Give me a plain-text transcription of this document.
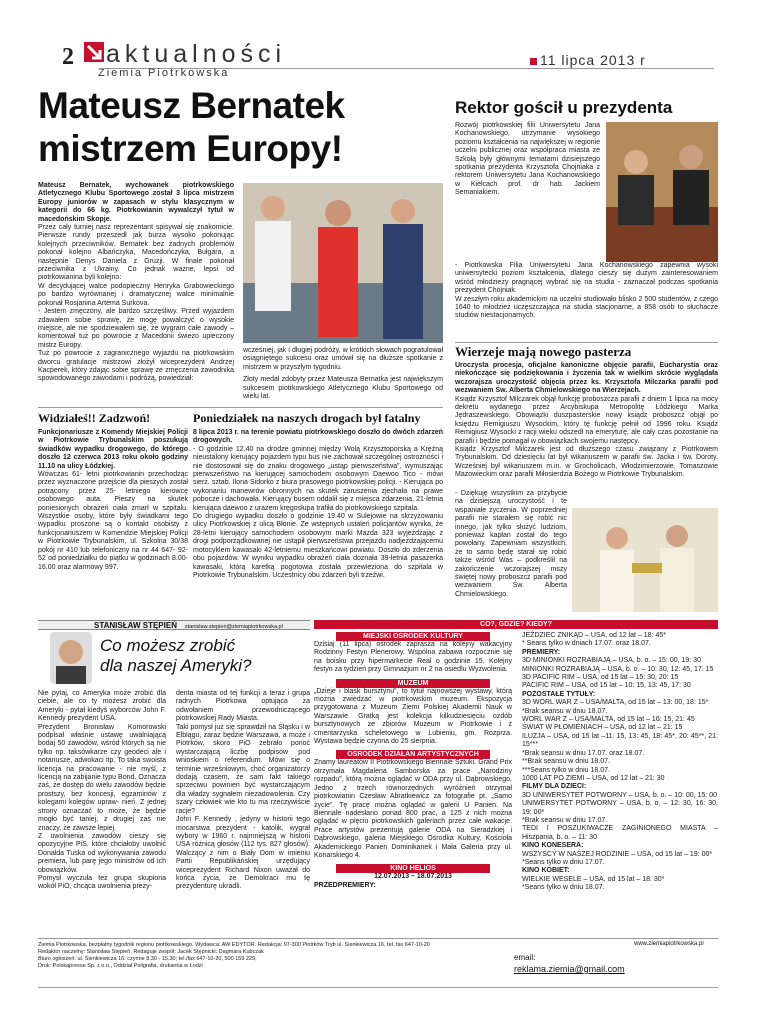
2 aktualności
Ziemia Piotrkowska
11 lipca 2013 r
Mateusz Bernatek
mistrzem Europy!

Mateusz Bernatek, wychowanek piotrkowskiego Atletycznego Klubu Sportowego został 3 lipca mistrzem Europy juniorów w zapasach w stylu klasycznym w kategorii do 66 kg. Piotrkowianin wywalczył tytuł w macedońskim Skopje.

Przez cały turniej nasz reprezentant spisywał się znakomicie. Pierwsze rundy przeszedł jak burza wysoko pokonując kolejnych przeciwników. Bernatek bez żadnych problemów pokonał kolejno Albańczyka, Macedończyka, Bułgara, a następnie Denys Daniela z Gruzji. W finale pokonał przeciwnika z Ukrainy. Co jednak ważne, lepsi od piotrkowianina byli kolejno:

W decydującej walce podopieczny Henryka Grabowieckiego po bardzo wyrównanej i dramatycznej walce minimalnie pokonał Rosjanina Artema Surkova.

- Jestem zmęczony, ale bardzo szczęśliwy. Przed wyjazdem zdawałem sobie sprawę, że mogę powalczyć o wysokie miejsce, ale nie spodziewałem się, że wygram całe zawody – komentował tuż po powrocie z Macedonii świeżo upieczony mistrz Europy.

Tuż po powrocie z zagranicznego wyjazdu na piotrkowskim dworcu gratulacje mistrzowi złożył wiceprezydent Andrzej Kacperek, który zdając sobie sprawę ze zmęczenia zawodnika spowodowanego zawodami i podróżą, powiedział:

wcześniej, jak i długiej podróży, w krótkich słowach pogratulował osiągniętego sukcesu oraz umówił się na dłuższe spotkanie z mistrzem w przyszłym tygodniu.

Złoty medal zdobyty przez Mateusza Bernatka jest największym sukcesem piotrkowskiego Atletycznego Klubu Sportowego od wielu lat.

Rektor gościł u prezydenta
Rozwój piotrkowskiej filii Uniwersytetu Jana Kochanowskiego, utrzymanie wysokiego poziomu kształcenia na największej w regionie uczelni publicznej oraz współpraca miasta ze Szkołą były głównymi tematami dzisiejszego spotkania prezydenta Krzysztofa Chojniaka z rektorem Uniwersytetu Jana Kochanowskiego w Kielcach prof. dr hab. Jackiem Semaniakiem.

- Piotrkowska Filia Uniwersytetu Jana Kochanowskiego zapewnia wysoki uniwersytecki poziom kształcenia, dlatego cieszy się dużym zainteresowaniem wśród młodzieży pragnącej wybrać się na studia - zaznaczał podczas spotkania prezydent Chojniak.

W zeszłym roku akademickim na uczelni studiowało blisko 2 500 studentów, z czego 1640 to młodzież uczęszczająca na studia stacjonarne, a 858 osób to słuchacze studiów niestacjonarnych.

Wierzeje mają nowego pasterza

Uroczysta procesja, oficjalne kanoniczne objęcie parafii, Eucharystia oraz niekończące się podziękowania i życzenia tak w wielkim skrócie wyglądała wczorajsza uroczystość objęcia przez ks. Krzysztofa Milczarka parafii pod wezwaniem Św. Alberta Chmielowskiego na Wierzejach.

Ksiądz Krzysztof Milczarek objął funkcję proboszcza parafii z dniem 1 lipca na mocy dekretu wydanego przez Arcybiskupa Metropolitę Łódzkiego Marka Jędraszewskiego. Obowiązki duszpasterskie nowy ksiądz proboszcz objął po księdzu Remigiuszu Wysockim, który tę funkcję pełnił od 1996 roku. Ksiądz Remigiusz Wysocki z racji wieku odszedł na emeryturę, ale cały czas pozostanie na parafii i będzie pomagał w obowiązkach swojemu następcy.

Ksiądz Krzysztof Milczarek jest od dłuższego czasu związany z Piotrkowem Trybunalskim. Od dziesięciu lat był wikariuszem w parafii św. Jacka i św. Doroty. Wcześniej był wikariuszem m.in. w Grocholicach, Włodzimierzowie, Tomaszowie Mazowieckim oraz parafii Miłosierdzia Bożego w Piotrkowie Trybunalskim.

- Dziękuję wszystkim za przybycie na dzisiejszą uroczystość i te wspaniałe życzenia. W poprzedniej parafii nie starałem się robić nic innego, jak tylko służyć ludziom, ponieważ kapłan został do tego powołany. Zapewniam wszystkich, że to samo będę starał się robić także wśród Was – podkreślił na zakończenie wczorajszej mszy świętej nowy proboszcz parafii pod wezwaniem Św. Alberta Chmielowskiego.
Widziałeś!! Zadzwoń!

Funkcjonariusze z Komendy Miejskiej Policji w Piotrkowie Trybunalskim poszukują świadków wypadku drogowego, do którego doszło 12 czerwca 2013 roku około godziny 11.10 na ulicy Łódzkiej.

Wówczas 61- letni piotrkowianin przechodząc przez wyznaczone przejście dla pieszych został potrącony przez 25- letniego kierowcę osobowego auta. Pieszy na skutek poniesionych obrażeń ciała zmarł w szpitalu. Wszystkie osoby, które były świadkami tego wypadku proszone są o kontakt osobisty z funkcjonariuszem w Komendzie Miejskiej Policji w Piotrkowie Trybunalskim, ul. Szkolna 30/38 pokój nr 410 lub telefoniczny na nr 44 647- 92- 52 od poniedziałku do piątku w godzinach 8.00- 16.00 oraz alarmowy 997.

Poniedziałek na naszych drogach był fatalny

8 lipca 2013 r. na terenie powiatu piotrkowskiego doszło do dwóch zdarzeń drogowych.

- O godzinie 12.40 na drodze gminnej między Wolą Krzysztoporską a Kręźną nieustalony kierujący pojazdem typu bus nie zachował szczególnej ostrożności i nie dostosował się do znaku drogowego „ustąp pierwszeństwa”, wymuszając pierwszeństwo na kierującej samochodem osobowym Daewoo Tico - mówi sierż. sztab. Ilona Sidorko z biura prasowego piotrkowskiej policji. - Kierująca po wykonaniu manewrów obronnych na skutek zaruszenia zjechała na prawe pobocze i dachowała. Kierujący busem oddalił się z miejsca zdarzenia. 21-letnia kierująca daewoo z urazem kręgosłupa trafiła do piotrkowskiego szpitala.

Do drugiego wypadku doszło o godzinie 19.40 w Sulejowie na skrzyżowaniu ulicy Piotrkowskiej z ulicą Błonie. Ze wstępnych ustaleń policjantów wynika, że 28-letni kierujący samochodem osobowym marki Mazda 323 wyjeżdżając z drogi podporządkowanej nie ustąpił pierwszeństwa przejazdu nadjeżdżającemu motocyklem kawasaki 42-letniemu mieszkańcowi powiatu. Doszło do zderzenia obu pojazdów. W wyniku wypadku obrażeń ciała doznała 39-letnia pasażerka kawasaki, którą karetką pogotowia została przewieziona do szpitala w Piotrkowie Trybunalskim. Uczestnicy obu zdarzeń byli trzeźwi.

STANISŁAW STĘPIEŃ stanislaw.stepien@ziemiapiotrkowska.pl
Co możesz zrobić
dla naszej Ameryki?

Nie pytaj, co Ameryka może zrobić dla ciebie, ale co ty możesz zrobić dla Ameryki - pytał kiedyś wyborców John F. Kennedy prezydent USA.

Prezydent Bronisław Komorowski podpisał właśnie ustawę uwalniającą bodaj 50 zawodów, wśród których są nie tylko np. taksówkarze czy geodeci ale i notariusze, adwokaci itp. To taka swoista licencja na pracowanie - nie myśl, z licencją na zabijanie typu Bond. Oznacza zaś, że dostęp do wielu zawodów będzie prostszy, bez koncesji, egzaminów z kolegami kolegów upraw- nień. Z jednej strony oznaczać to może, że będzie mogło być taniej, z drugiej zaś nie znaczy, że zawsze lepiej.

Z uwolnienia zawodów cieszy się opozycyjne PiS, które chciałoby uwolnić Donalda Tuska od wykonywania zawodu premiera, lub parę jego ministrów od ich obowiązków.

Pomysł wyczuła też grupa skupiona wokół PiO, chcąca uwolnienia prezy-

denta miasta od tej funkcji a teraz i grupa radnych Piotrkowa optująca za odwołaniem przewodniczącego piotrkowskiej Rady Miasta.

Taki pomysł już się sprawdził na Śląsku i w Elblągu, zaraz będzie Warszawa, a może i Piotrków, skoro PiO zebrało ponoć wystarczającą liczbę podpisów pod wnioskiem o referendum. Mówi się o terminie wrześniowym, choć organizatorzy dodają czasem, że sam fakt takiego sprzeciwu powinien być wystarczającym dla władzy sygnałem niezadowolenia. Czy szary człowiek wie kto tu ma rzeczywiście racje?

John F. Kennedy , jedyny w historii tego mocarstwa prezydent - katolik, wygrał wybory w 1960 r. najmniejszą w historii USA różnicą głosów (112 tys. 827 głosów). Walczący z nim o Biały Dom w imieniu Partii Republikańskiej urzędujący wiceprezydent Richard Nixon uważał do końca życia, że Demokraci mu tę prezydenturę ukradli.

CO?, GDZIE? KIEDY?
MIEJSKI OŚRODEK KULTURY

Dzisiaj (11 lipca) ośrodek zaprasza na kolejny wakacyjny Rodzinny Festyn Plenerowy. Wspólna zabawa rozpocznie się na boisku przy hipermarkecie Real o godzinie 15. Kolejny festyn za tydzień przy Gimnazjum nr 2 na osiedlu Wyzwolenia.

MUZEUM

„Dzieje i blask bursztynu”, to tytuł najnowszej wystawy, którą można zwiedzać w piotrkowskim muzeum. Ekspozycja przygotowana z Muzeum Ziemi Polskiej Akademii Nauk w Warszawie. Gratką jest kolekcja kilkudziesięciu ozdób bursztynowych ze zbiorów Muzeum w Piotrkowie i z cmentarzyska scheletowego w Lubieniu, gm. Rozprza. Wystawa będzie czynna do 25 sierpnia.

OŚRODEK DZIAŁAŃ ARTYSTYCZNYCH

Znamy laureatów II Piotrkowskiego Biennale Sztuki. Grand Prix otrzymała Magdalena Samborska za prace „Narodziny rozpadu”, którą można oglądać w ODA przy ul. Dąbrowskiego. Jedno z trzech równorzędnych wyróżnień otrzymał piotrkowianin Czesław Abratkiewicz za fotografie pt. „Samo życie”. Tę pracę można oglądać w galerii U Panien. Na Biennale nadesłano ponad 800 prac, a 125 z nich można oglądać w pięciu piotrkowskich galeriach przez całe wakacje. Prace artystów prezentują galerie ODA na Sieradzkiej i Dąbrowskiego, galeria Miejskiego Ośrodka Kultury, Kościoła Akademickiego Panien Dominikanek i Mała Galeria przy ul. Konarskiego 4.

KINO HELIOS

12.07.2013 – 18.07.2013

PRZEDPREMIERY:

JEŹDZIEC ZNIKĄD – USA, od 12 lat – 18: 45*
* Seans tylko w dniach 17.07. oraz 18.07.
PREMIERY:
3D MINIONKI ROZRABIAJĄ – USA, b. o. – 15: 00, 19: 30
MINIONKI ROZRABIAJĄ – USA, b. o. – 10: 30, 12: 45, 17: 15
3D PACIFIC RIM – USA, od 15 lat – 15: 30, 20: 15
PACIFIC RIM – USA, od 15 lat – 10: 15, 13: 45, 17: 30
POZOSTAŁE TYTUŁY:
3D WORL WAR Z – USA/MALTA, od 15 lat – 13: 00, 18: 15*
*Brak seansu w dniu 18.07.
WORL WAR Z – USA/MALTA, od 15 lat – 16: 15, 21: 45
ŚWIAT W PŁOMIENIACH – USA, od 12 lat – 21: 15
ILUZJA – USA, od 15 lat –11: 15, 13: 45, 18: 45*, 20: 45**, 21: 15***
*Brak seansu w dniu 17.07. oraz 18.07.
**Brak seansu w dniu 18.07.
***Seans tylko w dniu 18.07.
1000 LAT PO ZIEMI – USA, od 12 lat – 21: 30
FILMY DLA DZIECI:
3D UNIWERSYTET POTWORNY – USA, b. o. – 10: 00, 15: 00
UNIWERSYTET POTWORNY – USA, b. o. – 12: 30, 16: 30, 19: 00*
*Brak seansu w dniu 17.07.
TEDI I POSZUKIWACZE ZAGINIONEGO MIASTA – Hiszpania, b. o. – 11: 30
KINO KONESERA:
WSZYSCY W NASZEJ RODZINIE – USA, od 15 lat – 19: 00*
*Seans tylko w dniu 17.07.
KINO KOBIET:
WIELKIE WESELE – USA, od 15 lat – 18: 30*
*Seans tylko w dniu 18.07.
Ziemia Piotrkowska, bezpłatny tygodnik regionu piotrkowskiego. Wydawca: AW EDYTOR. Redakcja: 97-300 Piotrków Tryb ul. Sienkiewicza 16, tel. fax 647-10-20
Redaktor naczelny: Stanisław Stępień. Redaguje zespół: Jacek Stępnicki, Dagmara Kubczak
Biuro ogłoszeń: ul. Sienkiewicza 16: czynne 8.30 - 15.30; tel./fax 647-10-20, 500 159 229,
Druk: Polskapresse Sp. z o.o., Oddział Poligrafia, drukarnia w Łodzi
www.ziemiapiotrkowska.pl
email:
reklama.ziemia@gmail.com
